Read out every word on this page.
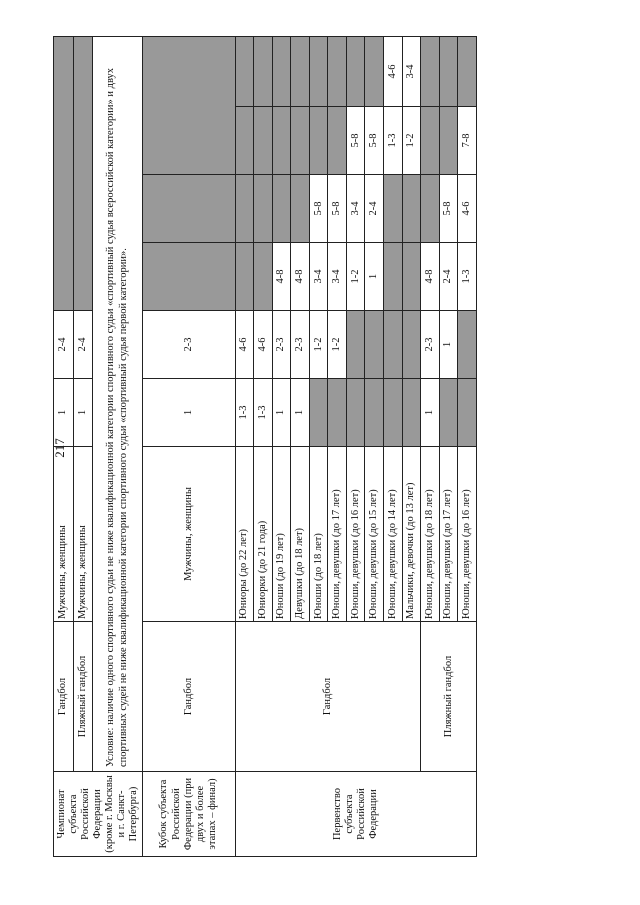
217
Чемпионат субъекта Российской Федерации (кроме г. Москвы и г. Санкт-Петербурга)	Гандбол	Мужчины, женщины	1	2-4				
	Пляжный гандбол	Мужчины, женщины	1	2-4				
	Условие: наличие одного спортивного судьи не ниже квалификационной категории спортивного судьи «спортивный судья всероссийской категории» и двух спортивных судей не ниже квалификационной категории спортивного судьи «спортивный судья первой категории».							
Кубок субъекта Российской Федерации (при двух и более этапах – финал)	Гандбол	Мужчины, женщины	1	2-3				
Первенство субъекта Российской Федерации	Гандбол	Юниоры (до 22 лет)	1-3	4-6				
		Юниорки (до 21 года)	1-3	4-6				
		Юноши (до 19 лет)	1	2-3	4-8			
		Девушки (до 18 лет)	1	2-3	4-8			
		Юноши (до 18 лет)		1-2	3-4	5-8		
		Юноши, девушки (до 17 лет)		1-2	3-4	5-8		
		Юноши, девушки (до 16 лет)			1-2	3-4	5-8	
		Юноши, девушки (до 15 лет)			1	2-4	5-8	
		Юноши, девушки (до 14 лет)					1-3	4-6
		Мальчики, девочки (до 13 лет)					1-2	3-4
	Пляжный гандбол	Юноши, девушки (до 18 лет)	1	2-3	4-8			
		Юноши, девушки (до 17 лет)		1	2-4	5-8		
		Юноши, девушки (до 16 лет)			1-3	4-6	7-8	
